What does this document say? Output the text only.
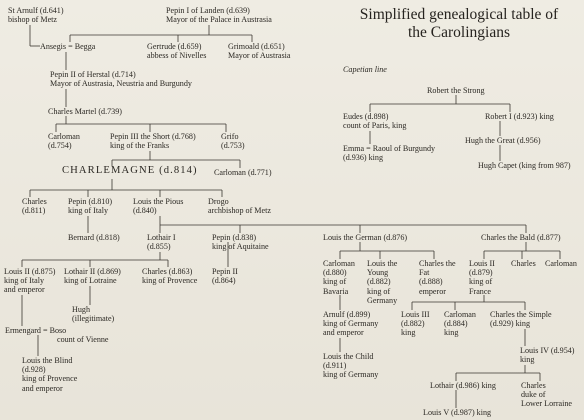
Simplified genealogical table of
the Carolingians
Capetian line
St Arnulf (d.641)
bishop of Metz
Pepin I of Landen (d.639)
Mayor of the Palace in Austrasia
Ansegis = Begga	Gertrude (d.659)
abbess of Nivelles
Grimoald (d.651)
Mayor of Austrasia
Pepin II of Herstal (d.714)
Mayor of Austrasia, Neustria and Burgundy
Charles Martel (d.739)
Carloman
(d.754)
Pepin III the Short (d.768)
king of the Franks
Grifo
(d.753)
CHARLEMAGNE (d.814) Carloman (d.771)
Charles
(d.811)
Pepin (d.810)
king of Italy
Louis the Pious
(d.840)
Drogo
archbishop of Metz
Bernard (d.818)	Lothair I
(d.855)
Pepin (d.838)
king of Aquitaine
Louis the German (d.876)	Charles the Bald (d.877)
Louis II (d.875)
king of Italy
and emperor
Lothair II (d.869)
king of Lotraine
Charles (d.863)
king of Provence
Pepin II
(d.864)
Hugh
(illegitimate)
Ermengard = Boso
count of Vienne
Louis the Blind
(d.928)
king of Provence
and emperor
Carloman
(d.880)
king of
Bavaria
Louis the
Young
(d.882)
king of
Germany
Charles the
Fat
(d.888)
emperor
Louis II
(d.879)
king of
France
Charles Carloman
Arnulf (d.899)
king of Germany
and emperor
Louis the Child
(d.911)
king of Germany
Louis III
(d.882)
king
Carloman
(d.884)
king
Charles the Simple
(d.929) king
Louis IV (d.954)
king
Lothair (d.986) king	Charles
duke of
Lower Lorraine
Louis V (d.987) king
Robert the Strong
Eudes (d.898)
count of Paris, king
Robert I (d.923) king
Hugh the Great (d.956)
Emma = Raoul of Burgundy
(d.936) king
Hugh Capet (king from 987)
